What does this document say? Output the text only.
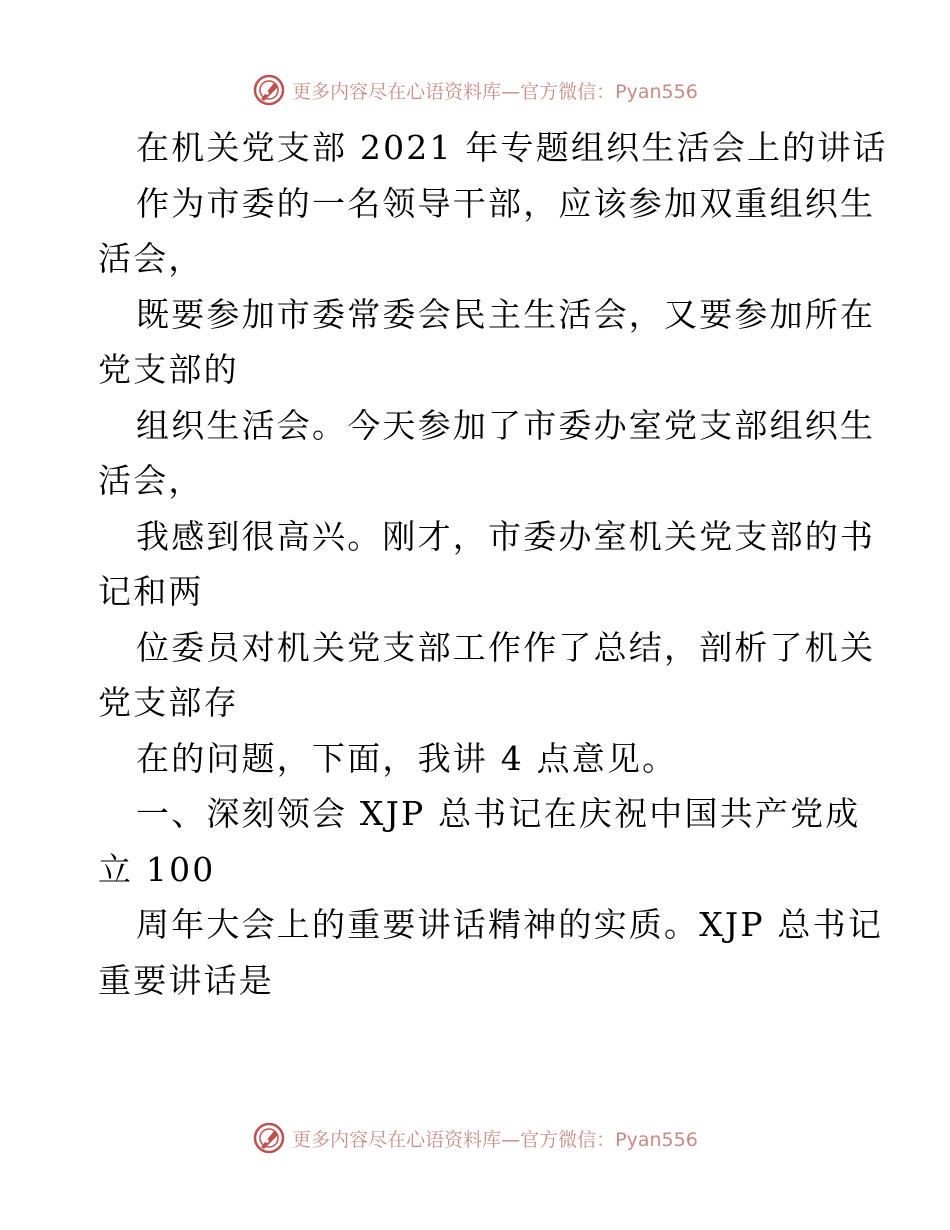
更多内容尽在心语资料库—官方微信：Pyan556
在机关党支部 2021 年专题组织生活会上的讲话
作为市委的一名领导干部，应该参加双重组织生
活会，
既要参加市委常委会民主生活会，又要参加所在
党支部的
组织生活会。今天参加了市委办室党支部组织生
活会，
我感到很高兴。刚才，市委办室机关党支部的书
记和两
位委员对机关党支部工作作了总结，剖析了机关
党支部存
在的问题，下面，我讲 4 点意见。
一、深刻领会 XJP 总书记在庆祝中国共产党成
立 100
周年大会上的重要讲话精神的实质。XJP 总书记
重要讲话是
更多内容尽在心语资料库—官方微信：Pyan556
